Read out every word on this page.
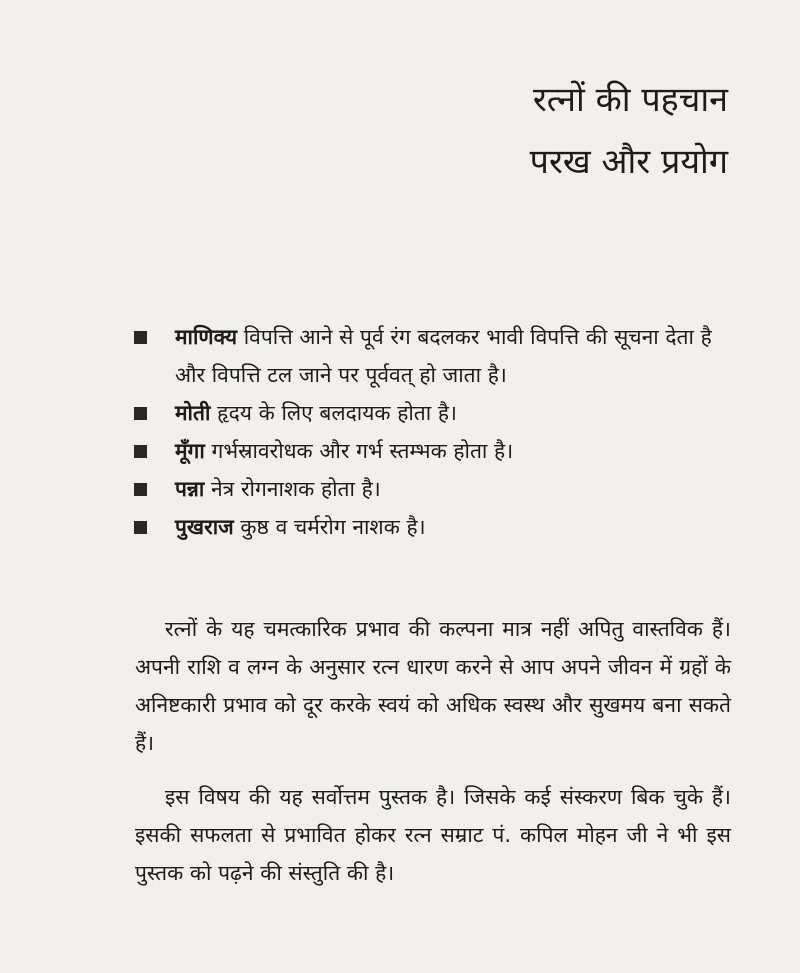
रत्नों की पहचान
परख और प्रयोग
माणिक्य विपत्ति आने से पूर्व रंग बदलकर भावी विपत्ति की सूचना देता है और विपत्ति टल जाने पर पूर्ववत् हो जाता है।
मोती हृदय के लिए बलदायक होता है।
मूँगा गर्भस्रावरोधक और गर्भ स्तम्भक होता है।
पन्ना नेत्र रोगनाशक होता है।
पुखराज कुष्ठ व चर्मरोग नाशक है।

रत्नों के यह चमत्कारिक प्रभाव की कल्पना मात्र नहीं अपितु वास्तविक हैं। अपनी राशि व लग्न के अनुसार रत्न धारण करने से आप अपने जीवन में ग्रहों के अनिष्टकारी प्रभाव को दूर करके स्वयं को अधिक स्वस्थ और सुखमय बना सकते हैं।

इस विषय की यह सर्वोत्तम पुस्तक है। जिसके कई संस्करण बिक चुके हैं। इसकी सफलता से प्रभावित होकर रत्न सम्राट पं. कपिल मोहन जी ने भी इस पुस्तक को पढ़ने की संस्तुति की है।
